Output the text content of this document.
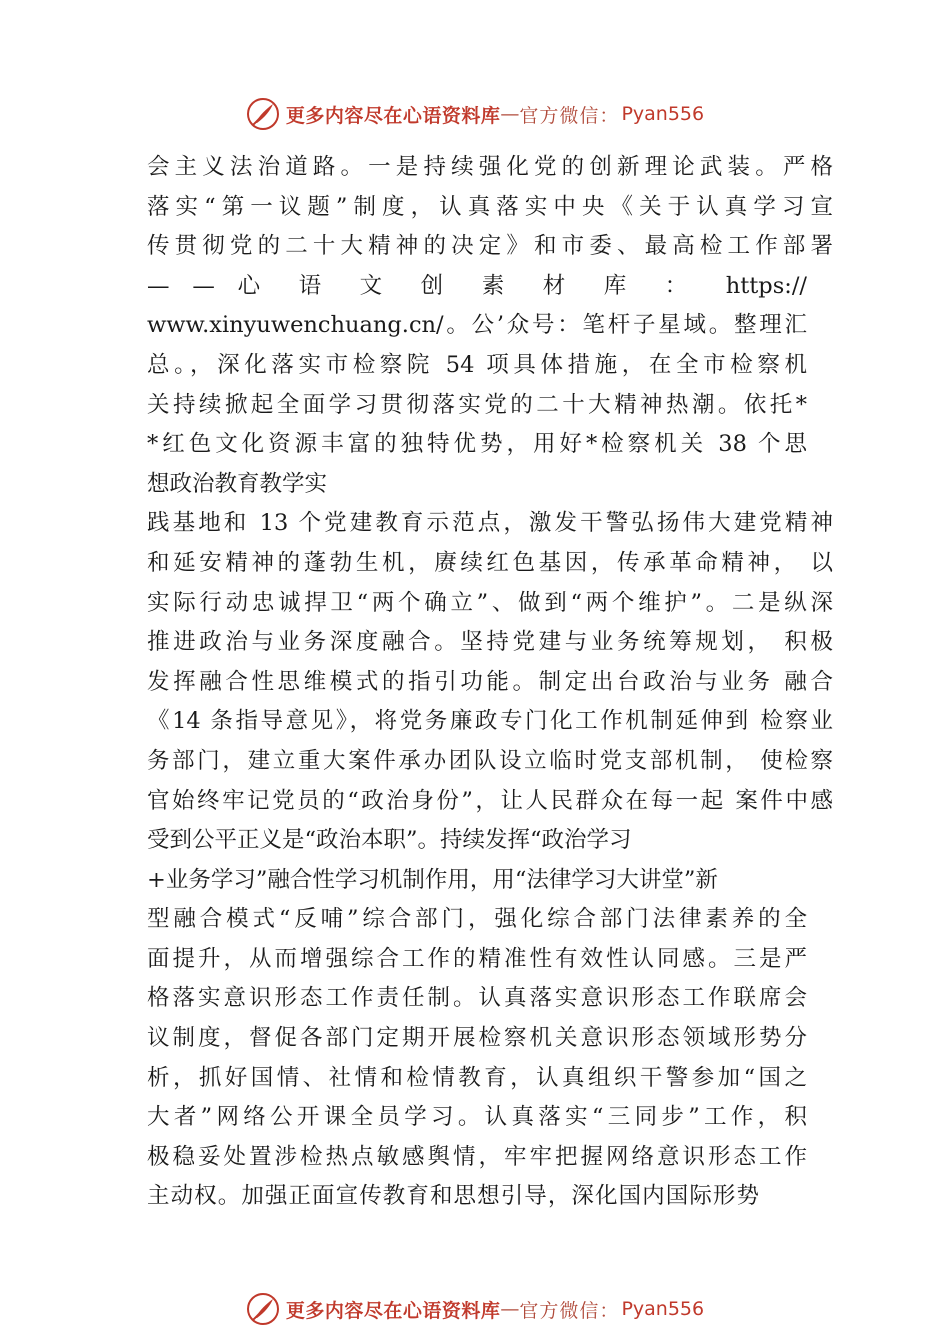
更多内容尽在心语资料库 — 官方微信： Pyan556
会主义法治道路。一是持续强化党的创新理论武装。严格
落实“第一议题”制度，认真落实中央《关于认真学习宣
传贯彻党的二十大精神的决定》和市委、最高检工作部署
— — 心 语 文 创 素 材 库 ： https://
www.xinyuwenchuang.cn/。公’众号：笔杆子星域。整理汇
总。，深化落实市检察院 54 项具体措施，在全市检察机
关持续掀起全面学习贯彻落实党的二十大精神热潮。依托*
*红色文化资源丰富的独特优势，用好*检察机关 38 个思
想政治教育教学实
践基地和 13 个党建教育示范点，激发干警弘扬伟大建党精神
和延安精神的蓬勃生机，赓续红色基因，传承革命精神， 以
实际行动忠诚捍卫“两个确立”、做到“两个维护”。二是纵深
推进政治与业务深度融合。坚持党建与业务统筹规划， 积极
发挥融合性思维模式的指引功能。制定出台政治与业务 融合
《14 条指导意见》，将党务廉政专门化工作机制延伸到 检察业
务部门，建立重大案件承办团队设立临时党支部机制， 使检察
官始终牢记党员的“政治身份”，让人民群众在每一起 案件中感
受到公平正义是“政治本职”。持续发挥“政治学习
+业务学习”融合性学习机制作用，用“法律学习大讲堂”新
型融合模式“反哺”综合部门，强化综合部门法律素养的全
面提升，从而增强综合工作的精准性有效性认同感。三是严
格落实意识形态工作责任制。认真落实意识形态工作联席会
议制度，督促各部门定期开展检察机关意识形态领域形势分
析，抓好国情、社情和检情教育，认真组织干警参加“国之
大者”网络公开课全员学习。认真落实“三同步”工作，积
极稳妥处置涉检热点敏感舆情，牢牢把握网络意识形态工作
主动权。加强正面宣传教育和思想引导，深化国内国际形势
更多内容尽在心语资料库 — 官方微信： Pyan556
